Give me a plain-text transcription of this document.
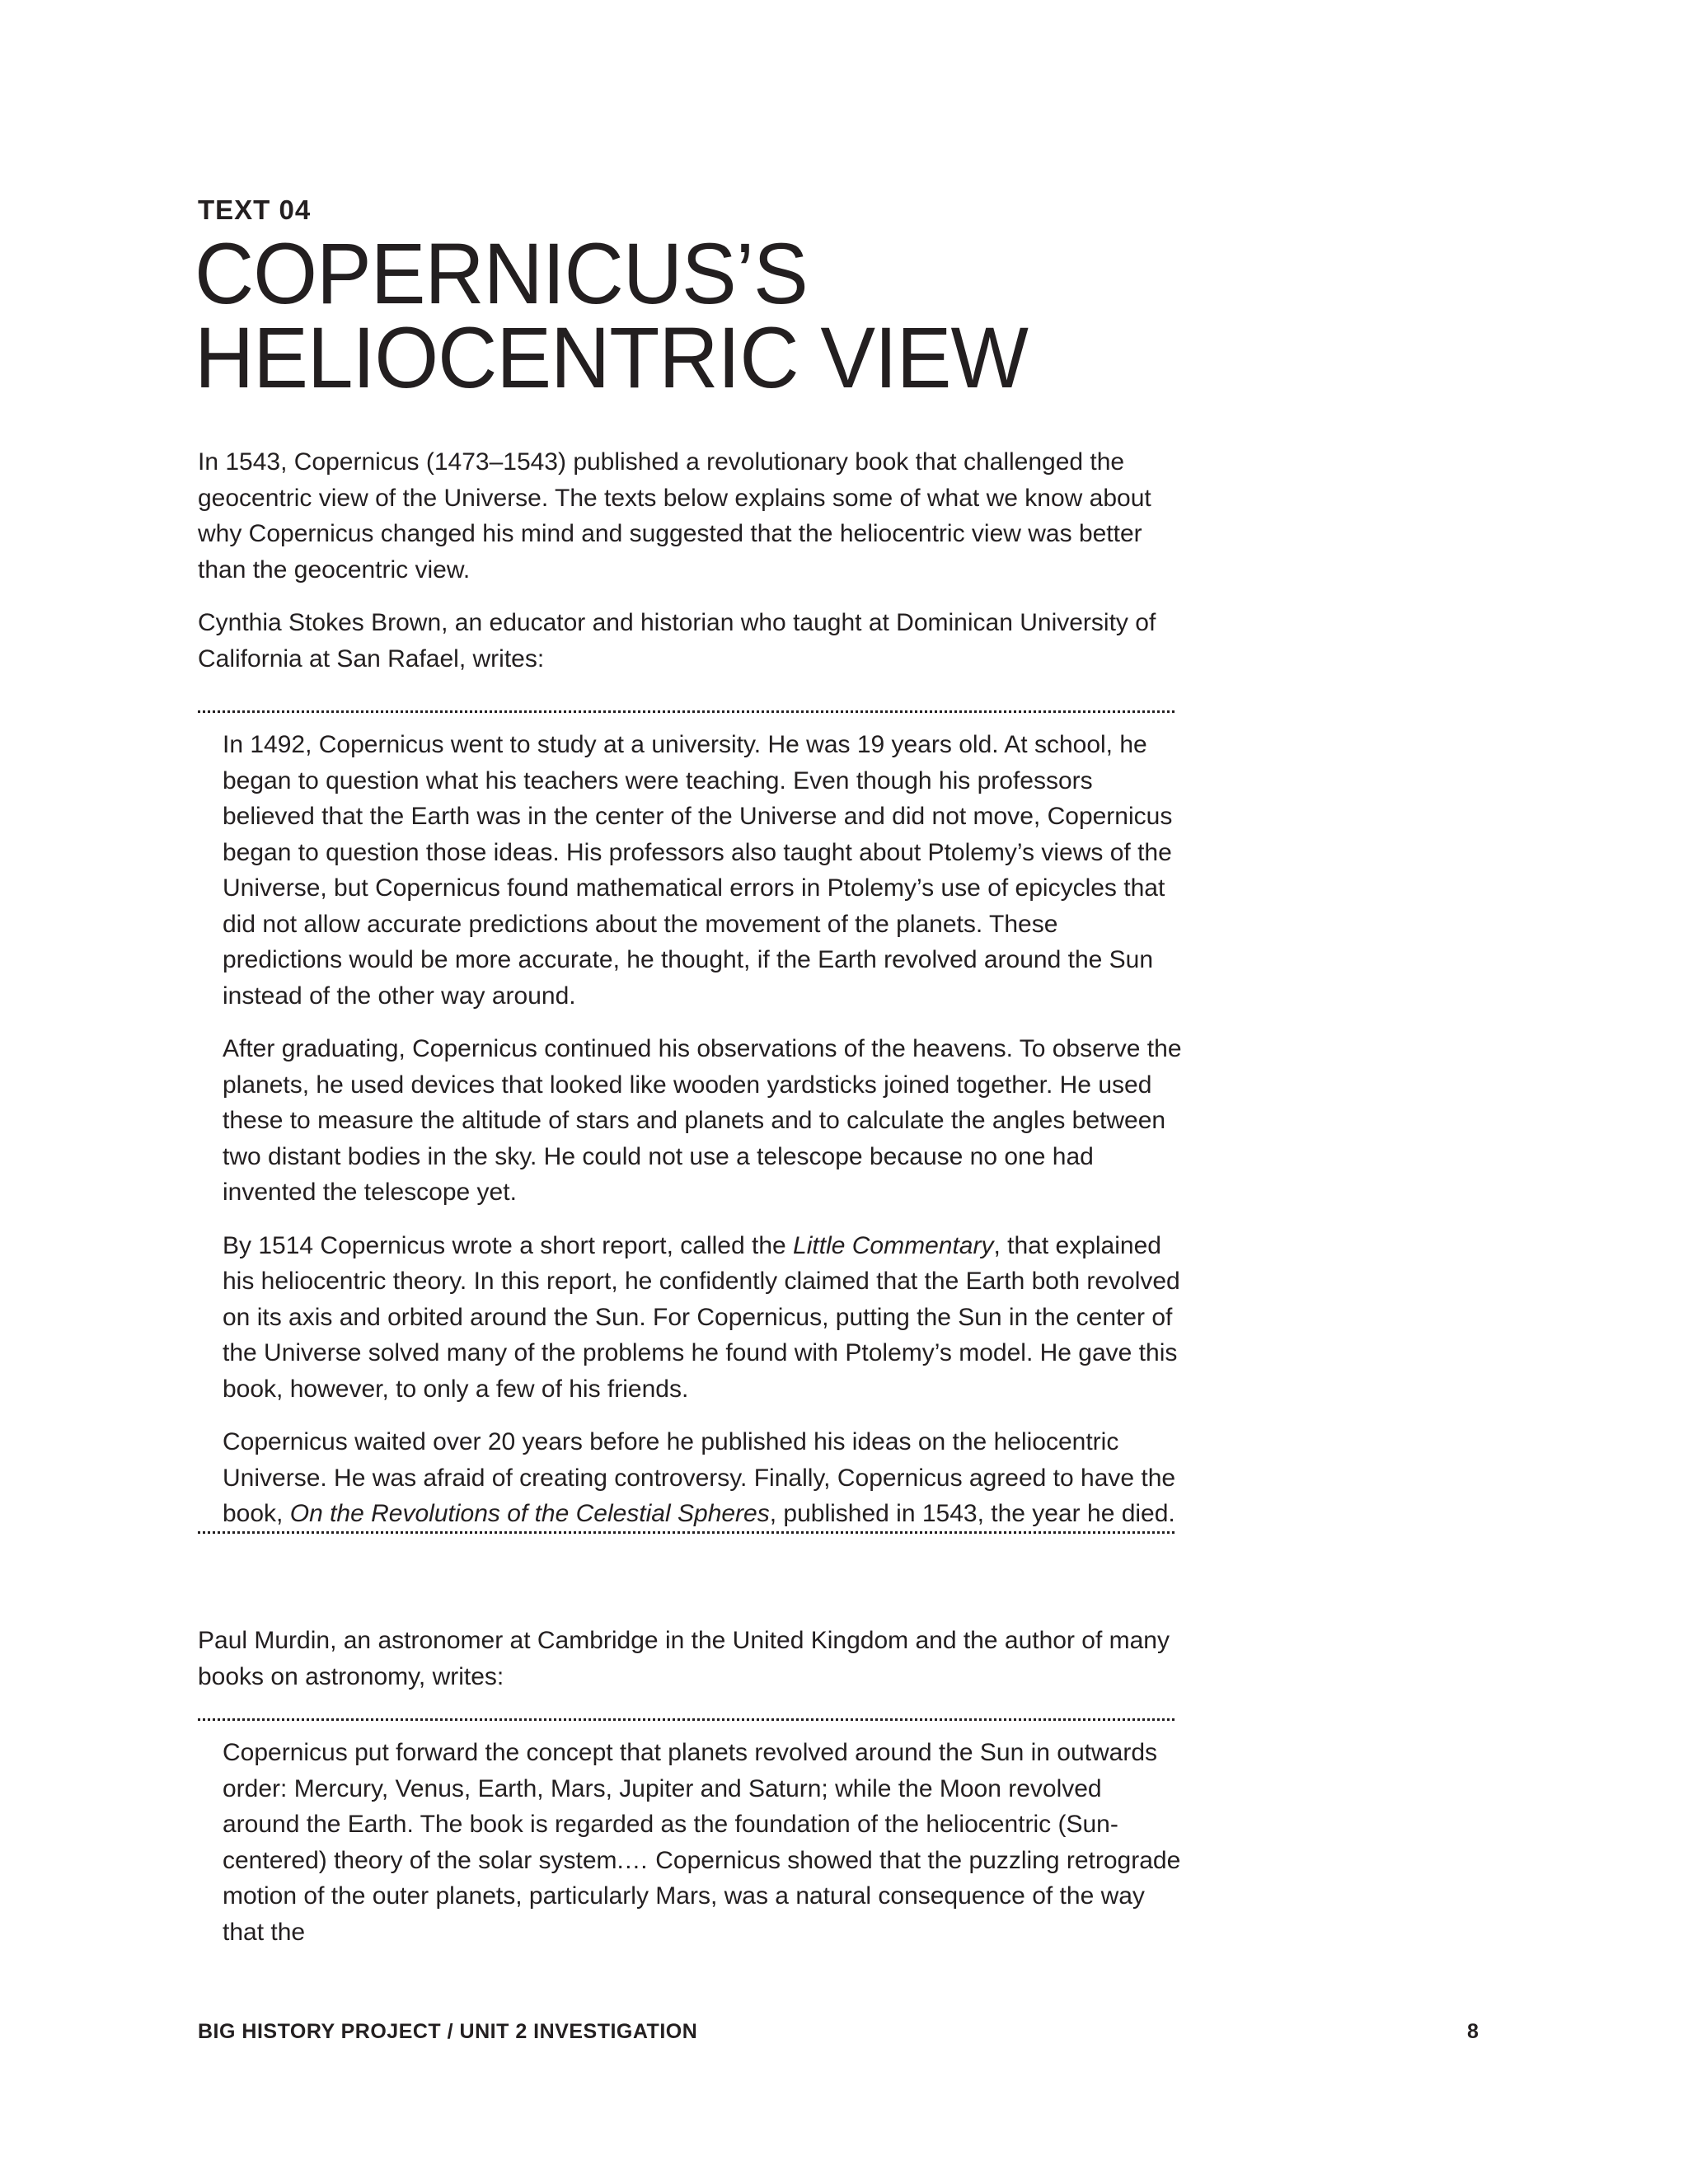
TEXT 04
COPERNICUS’S
HELIOCENTRIC VIEW

In 1543, Copernicus (1473–1543) published a revolutionary book that challenged the geocentric view of the Universe. The texts below explains some of what we know about why Copernicus changed his mind and suggested that the heliocentric view was better than the geocentric view.

Cynthia Stokes Brown, an educator and historian who taught at Dominican University of California at San Rafael, writes:

In 1492, Copernicus went to study at a university. He was 19 years old. At school, he began to question what his teachers were teaching. Even though his professors believed that the Earth was in the center of the Universe and did not move, Copernicus began to question those ideas. His professors also taught about Ptolemy’s views of the Universe, but Copernicus found mathematical errors in Ptolemy’s use of epicycles that did not allow accurate predictions about the movement of the planets. These predictions would be more accurate, he thought, if the Earth revolved around the Sun instead of the other way around.

After graduating, Copernicus continued his observations of the heavens. To observe the planets, he used devices that looked like wooden yardsticks joined together. He used these to measure the altitude of stars and planets and to calculate the angles between two distant bodies in the sky. He could not use a telescope because no one had invented the telescope yet.

By 1514 Copernicus wrote a short report, called the Little Commentary, that explained his heliocentric theory. In this report, he confidently claimed that the Earth both revolved on its axis and orbited around the Sun. For Copernicus, putting the Sun in the center of the Universe solved many of the problems he found with Ptolemy’s model. He gave this book, however, to only a few of his friends.

Copernicus waited over 20 years before he published his ideas on the heliocentric Universe. He was afraid of creating controversy. Finally, Copernicus agreed to have the book, On the Revolutions of the Celestial Spheres, published in 1543, the year he died.

Paul Murdin, an astronomer at Cambridge in the United Kingdom and the author of many books on astronomy, writes:

Copernicus put forward the concept that planets revolved around the Sun in outwards order: Mercury, Venus, Earth, Mars, Jupiter and Saturn; while the Moon revolved around the Earth. The book is regarded as the foundation of the heliocentric (Sun-centered) theory of the solar system.… Copernicus showed that the puzzling retrograde motion of the outer planets, particularly Mars, was a natural consequence of the way that the

BIG HISTORY PROJECT / UNIT 2 INVESTIGATION	8
